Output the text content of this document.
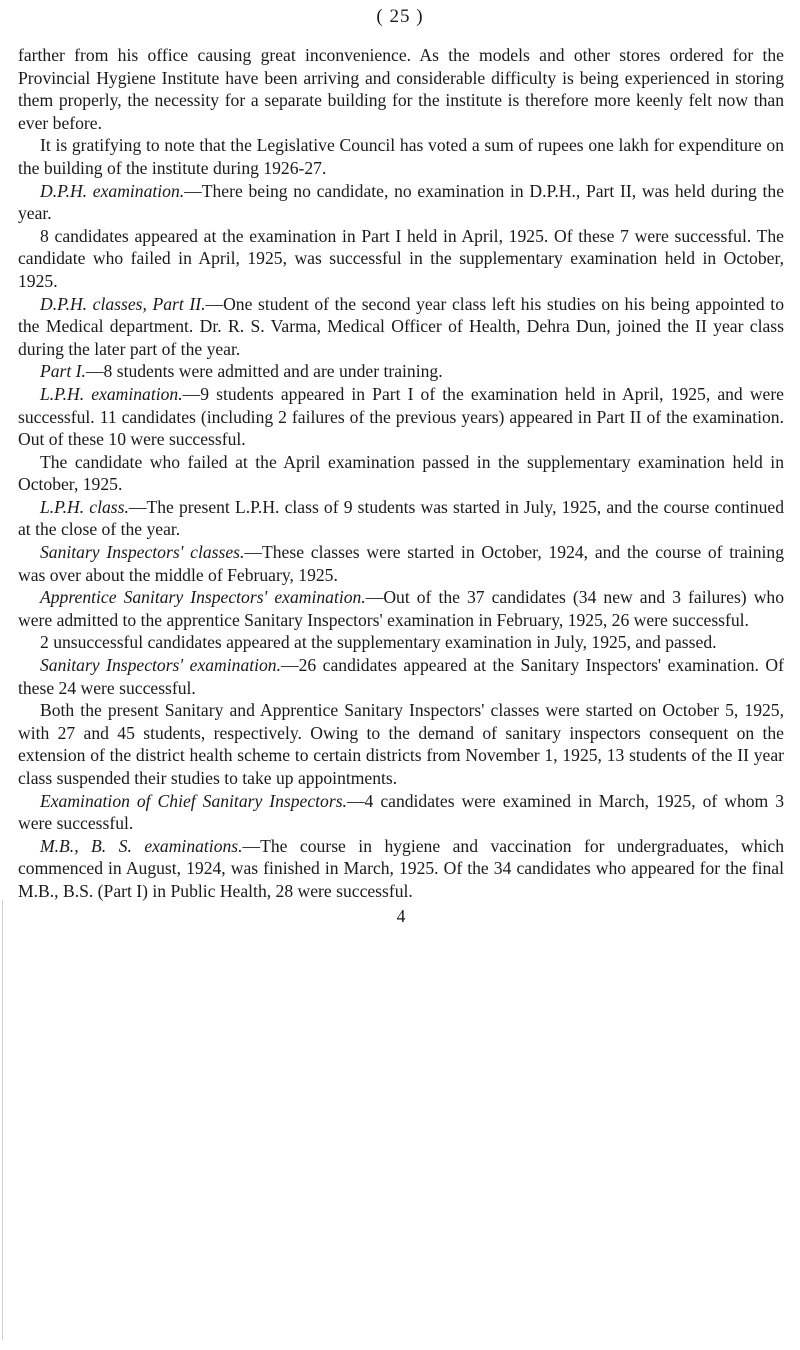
( 25 )

farther from his office causing great inconvenience. As the models and other stores ordered for the Provincial Hygiene Institute have been arriving and considerable difficulty is being experienced in storing them properly, the necessity for a separate building for the institute is therefore more keenly felt now than ever before.

It is gratifying to note that the Legislative Council has voted a sum of rupees one lakh for expenditure on the building of the institute during 1926-27.

D.P.H. examination.—There being no candidate, no examination in D.P.H., Part II, was held during the year.

8 candidates appeared at the examination in Part I held in April, 1925. Of these 7 were successful. The candidate who failed in April, 1925, was successful in the supplementary examination held in October, 1925.

D.P.H. classes, Part II.—One student of the second year class left his studies on his being appointed to the Medical department. Dr. R. S. Varma, Medical Officer of Health, Dehra Dun, joined the II year class during the later part of the year.

Part I.—8 students were admitted and are under training.

L.P.H. examination.—9 students appeared in Part I of the examination held in April, 1925, and were successful. 11 candidates (including 2 failures of the previous years) appeared in Part II of the examination. Out of these 10 were successful.

The candidate who failed at the April examination passed in the supplementary examination held in October, 1925.

L.P.H. class.—The present L.P.H. class of 9 students was started in July, 1925, and the course continued at the close of the year.

Sanitary Inspectors' classes.—These classes were started in October, 1924, and the course of training was over about the middle of February, 1925.

Apprentice Sanitary Inspectors' examination.—Out of the 37 candidates (34 new and 3 failures) who were admitted to the apprentice Sanitary Inspectors' examination in February, 1925, 26 were successful.

2 unsuccessful candidates appeared at the supplementary examination in July, 1925, and passed.

Sanitary Inspectors' examination.—26 candidates appeared at the Sanitary Inspectors' examination. Of these 24 were successful.

Both the present Sanitary and Apprentice Sanitary Inspectors' classes were started on October 5, 1925, with 27 and 45 students, respectively. Owing to the demand of sanitary inspectors consequent on the extension of the district health scheme to certain districts from November 1, 1925, 13 students of the II year class suspended their studies to take up appointments.

Examination of Chief Sanitary Inspectors.—4 candidates were examined in March, 1925, of whom 3 were successful.

M.B., B. S. examinations.—The course in hygiene and vaccination for undergraduates, which commenced in August, 1924, was finished in March, 1925. Of the 34 candidates who appeared for the final M.B., B.S. (Part I) in Public Health, 28 were successful.

4
